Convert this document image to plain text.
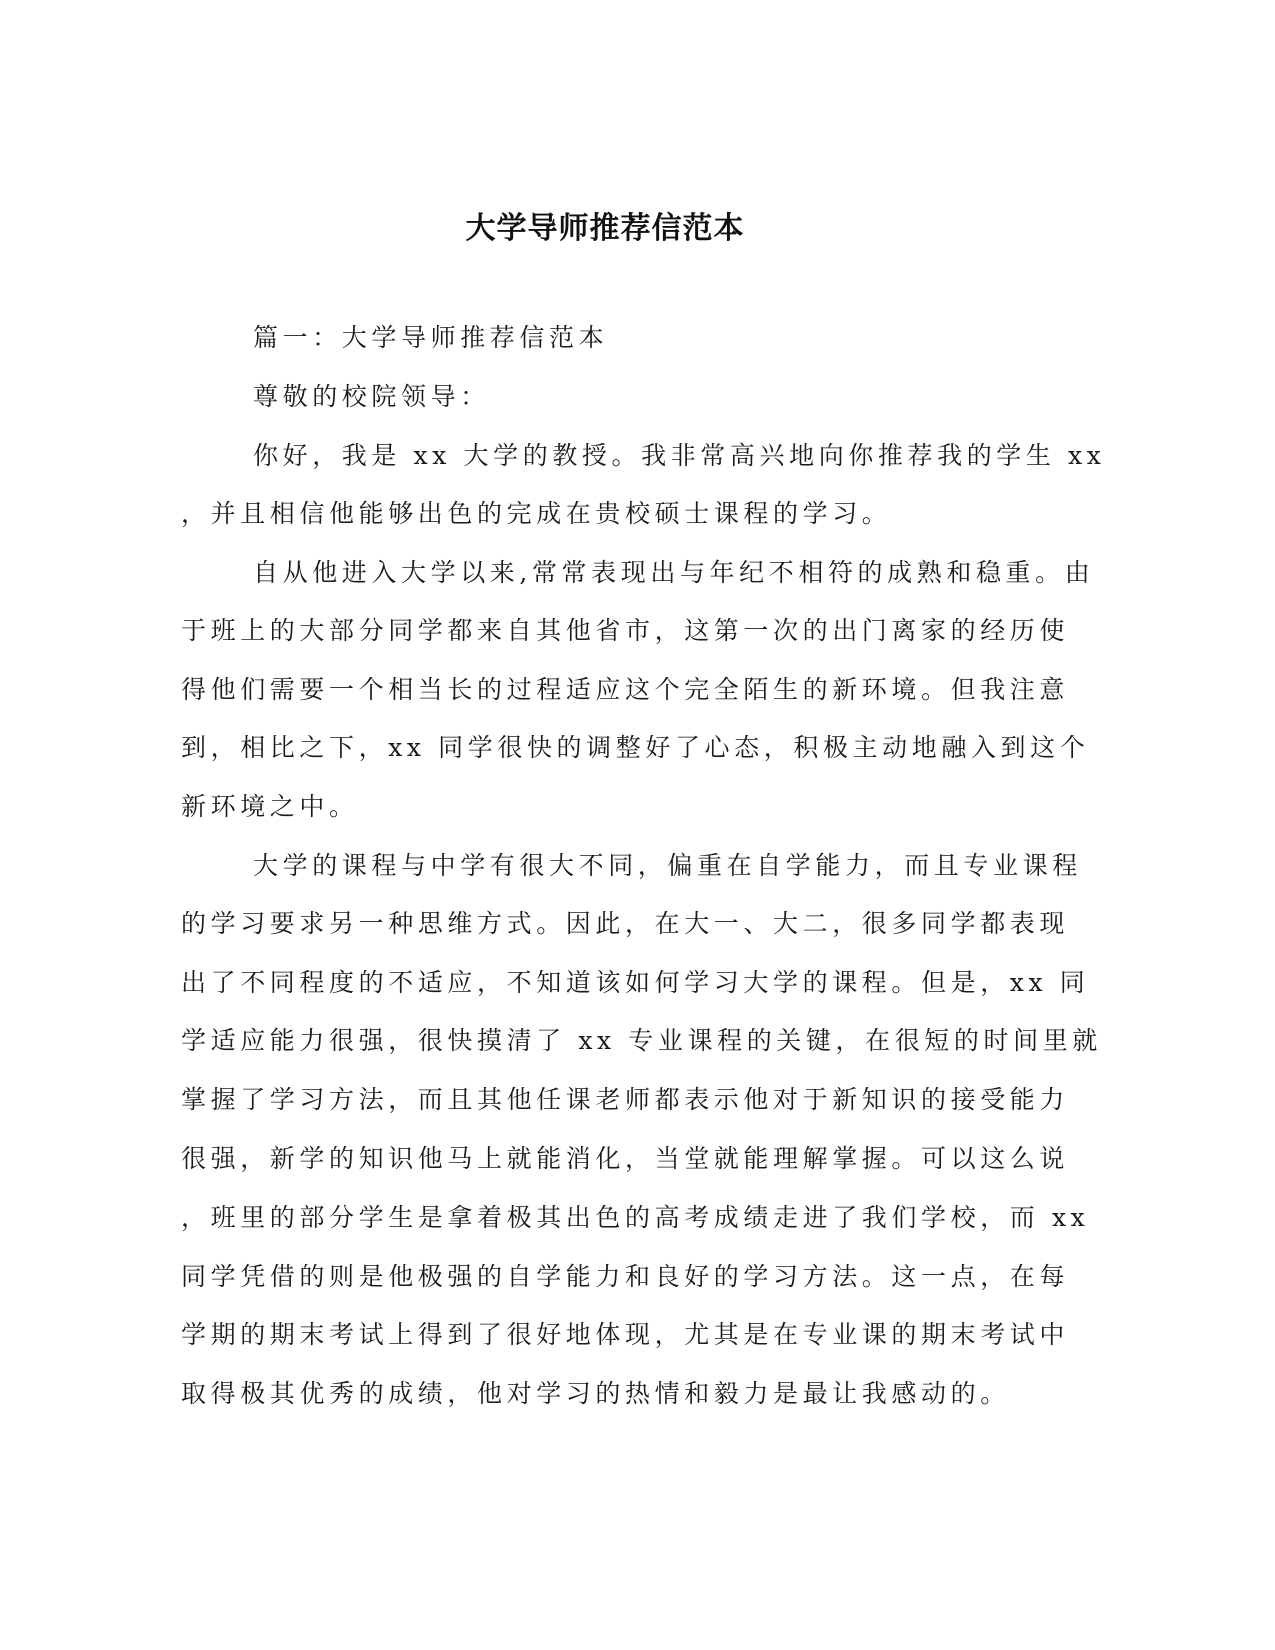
大学导师推荐信范本

篇一：大学导师推荐信范本

尊敬的校院领导：

你好，我是 xx 大学的教授。我非常高兴地向你推荐我的学生 xx

，并且相信他能够出色的完成在贵校硕士课程的学习。

自从他进入大学以来,常常表现出与年纪不相符的成熟和稳重。由

于班上的大部分同学都来自其他省市，这第一次的出门离家的经历使

得他们需要一个相当长的过程适应这个完全陌生的新环境。但我注意

到，相比之下，xx 同学很快的调整好了心态，积极主动地融入到这个

新环境之中。

大学的课程与中学有很大不同，偏重在自学能力，而且专业课程

的学习要求另一种思维方式。因此，在大一、大二，很多同学都表现

出了不同程度的不适应，不知道该如何学习大学的课程。但是，xx 同

学适应能力很强，很快摸清了 xx 专业课程的关键，在很短的时间里就

掌握了学习方法，而且其他任课老师都表示他对于新知识的接受能力

很强，新学的知识他马上就能消化，当堂就能理解掌握。可以这么说

，班里的部分学生是拿着极其出色的高考成绩走进了我们学校，而 xx

同学凭借的则是他极强的自学能力和良好的学习方法。这一点，在每

学期的期末考试上得到了很好地体现，尤其是在专业课的期末考试中

取得极其优秀的成绩，他对学习的热情和毅力是最让我感动的。
